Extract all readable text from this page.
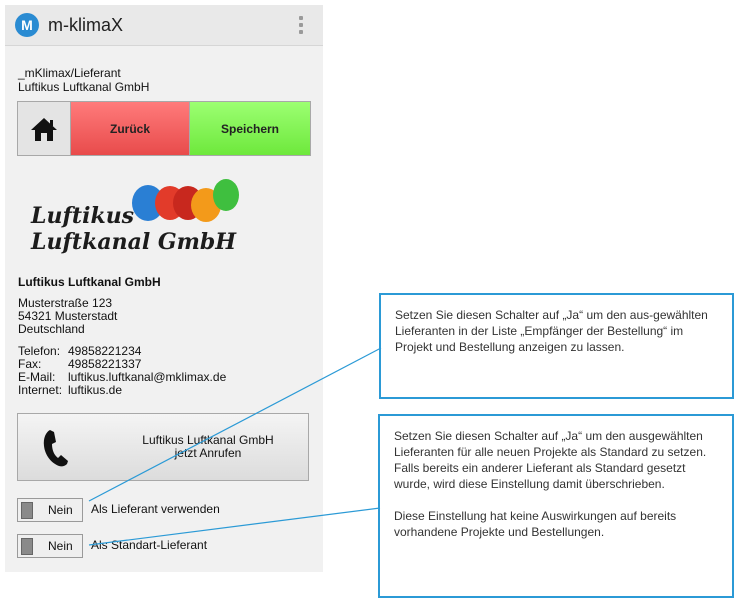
M m-klimaX
_mKlimax/Lieferant
Luftikus Luftkanal GmbH
Zurück	Speichern
Luftikus
Luftkanal GmbH
Luftikus Luftkanal GmbH
Musterstraße 123
54321 Musterstadt
Deutschland
Telefon: 49858221234
Fax:	49858221337
E-Mail:	luftikus.luftkanal@mklimax.de
Internet: luftikus.de
Luftikus Luftkanal GmbH
jetzt Anrufen
Nein Als Lieferant verwenden
Nein Als Standart-Lieferant
Setzen Sie diesen Schalter auf „Ja“ um den aus-gewählten Lieferanten in der Liste „Empfänger der Bestellung“ im Projekt und Bestellung anzeigen zu lassen.
Setzen Sie diesen Schalter auf „Ja“ um den ausgewählten Lieferanten für alle neuen Projekte als Standard zu setzen. Falls bereits ein anderer Lieferant als Standard gesetzt wurde, wird diese Einstellung damit überschrieben.
Diese Einstellung hat keine Auswirkungen auf bereits vorhandene Projekte und Bestellungen.
